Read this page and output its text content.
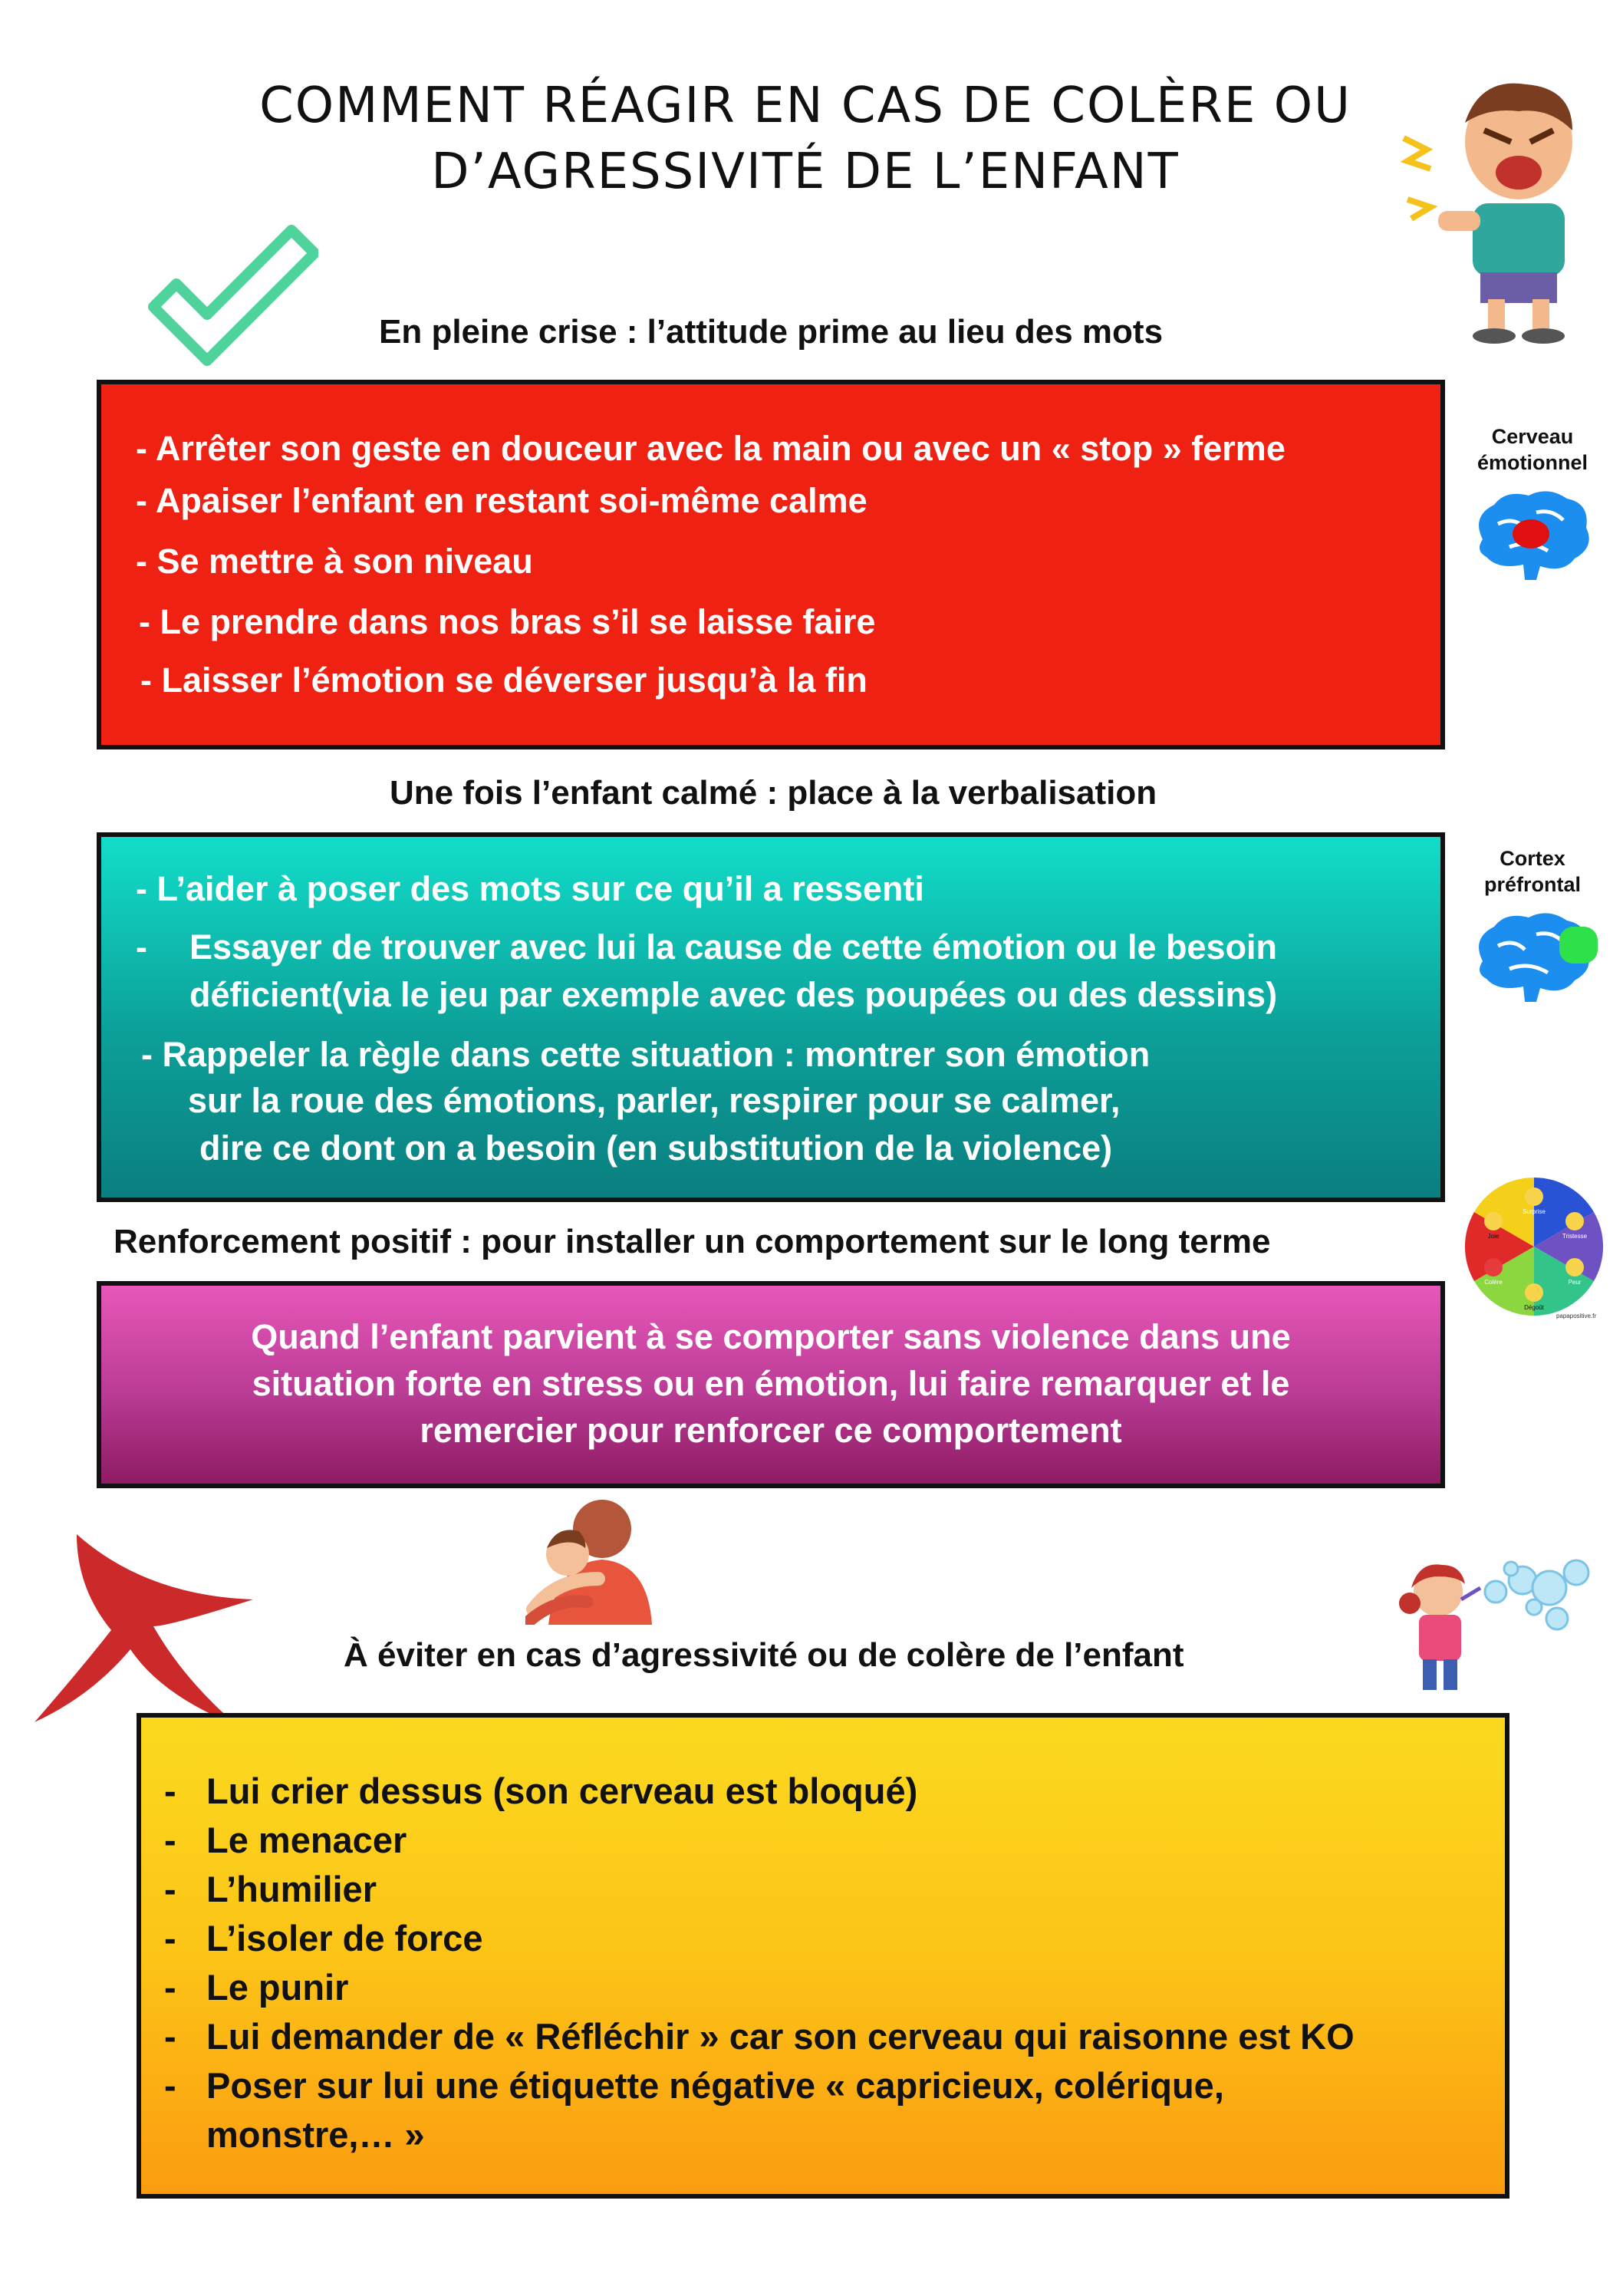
COMMENT RÉAGIR EN CAS DE COLÈRE OU
D’AGRESSIVITÉ DE L’ENFANT
En pleine crise : l’attitude prime au lieu des mots
- Arrêter son geste en douceur avec la main ou avec un « stop » ferme
- Apaiser l’enfant en restant soi-même calme
- Se mettre à son niveau
- Le prendre dans nos bras s’il se laisse faire
- Laisser l’émotion se déverser jusqu’à la fin
Cerveau
émotionnel
Une fois l’enfant calmé : place à la verbalisation
- L’aider à poser des mots sur ce qu’il a ressenti
- Essayer de trouver avec lui la cause de cette émotion ou le besoin
déficient(via le jeu par exemple avec des poupées ou des dessins)
- Rappeler la règle dans cette situation : montrer son émotion
sur la roue des émotions, parler, respirer pour se calmer,
dire ce dont on a besoin (en substitution de la violence)
Cortex
préfrontal
Surprise
Tristesse
Peur
Dégoût
Colère
Joie
papapositive.fr
Renforcement positif : pour installer un comportement sur le long terme
Quand l’enfant parvient à se comporter sans violence dans une
situation forte en stress ou en émotion, lui faire remarquer et le
remercier pour renforcer ce comportement
À éviter en cas d’agressivité ou de colère de l’enfant
- Lui crier dessus (son cerveau est bloqué)
- Le menacer
- L’humilier
- L’isoler de force
- Le punir
- Lui demander de « Réfléchir » car son cerveau qui raisonne est KO
- Poser sur lui une étiquette négative « capricieux, colérique,
monstre,… »
